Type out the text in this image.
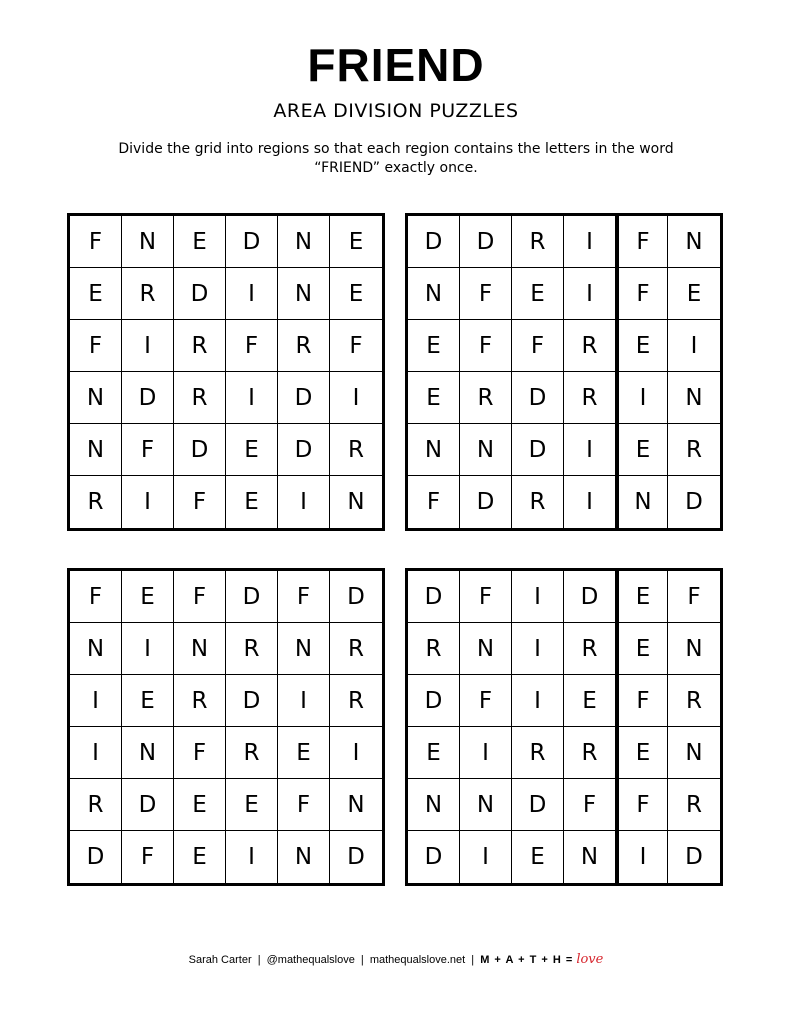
FRIEND
AREA DIVISION PUZZLES
Divide the grid into regions so that each region contains the letters in the word “FRIEND” exactly once.
F	N	E	D	N	E
E	R	D	I	N	E
F	I	R	F	R	F
N	D	R	I	D	I
N	F	D	E	D	R
R	I	F	E	I	N
D	D	R	I	F	N
N	F	E	I	F	E
E	F	F	R	E	I
E	R	D	R	I	N
N	N	D	I	E	R
F	D	R	I	N	D
F	E	F	D	F	D
N	I	N	R	N	R
I	E	R	D	I	R
I	N	F	R	E	I
R	D	E	E	F	N
D	F	E	I	N	D
D	F	I	D	E	F
R	N	I	R	E	N
D	F	I	E	F	R
E	I	R	R	E	N
N	N	D	F	F	R
D	I	E	N	I	D
Sarah Carter | @mathequalslove | mathequalslove.net | M + A + T + H = love
